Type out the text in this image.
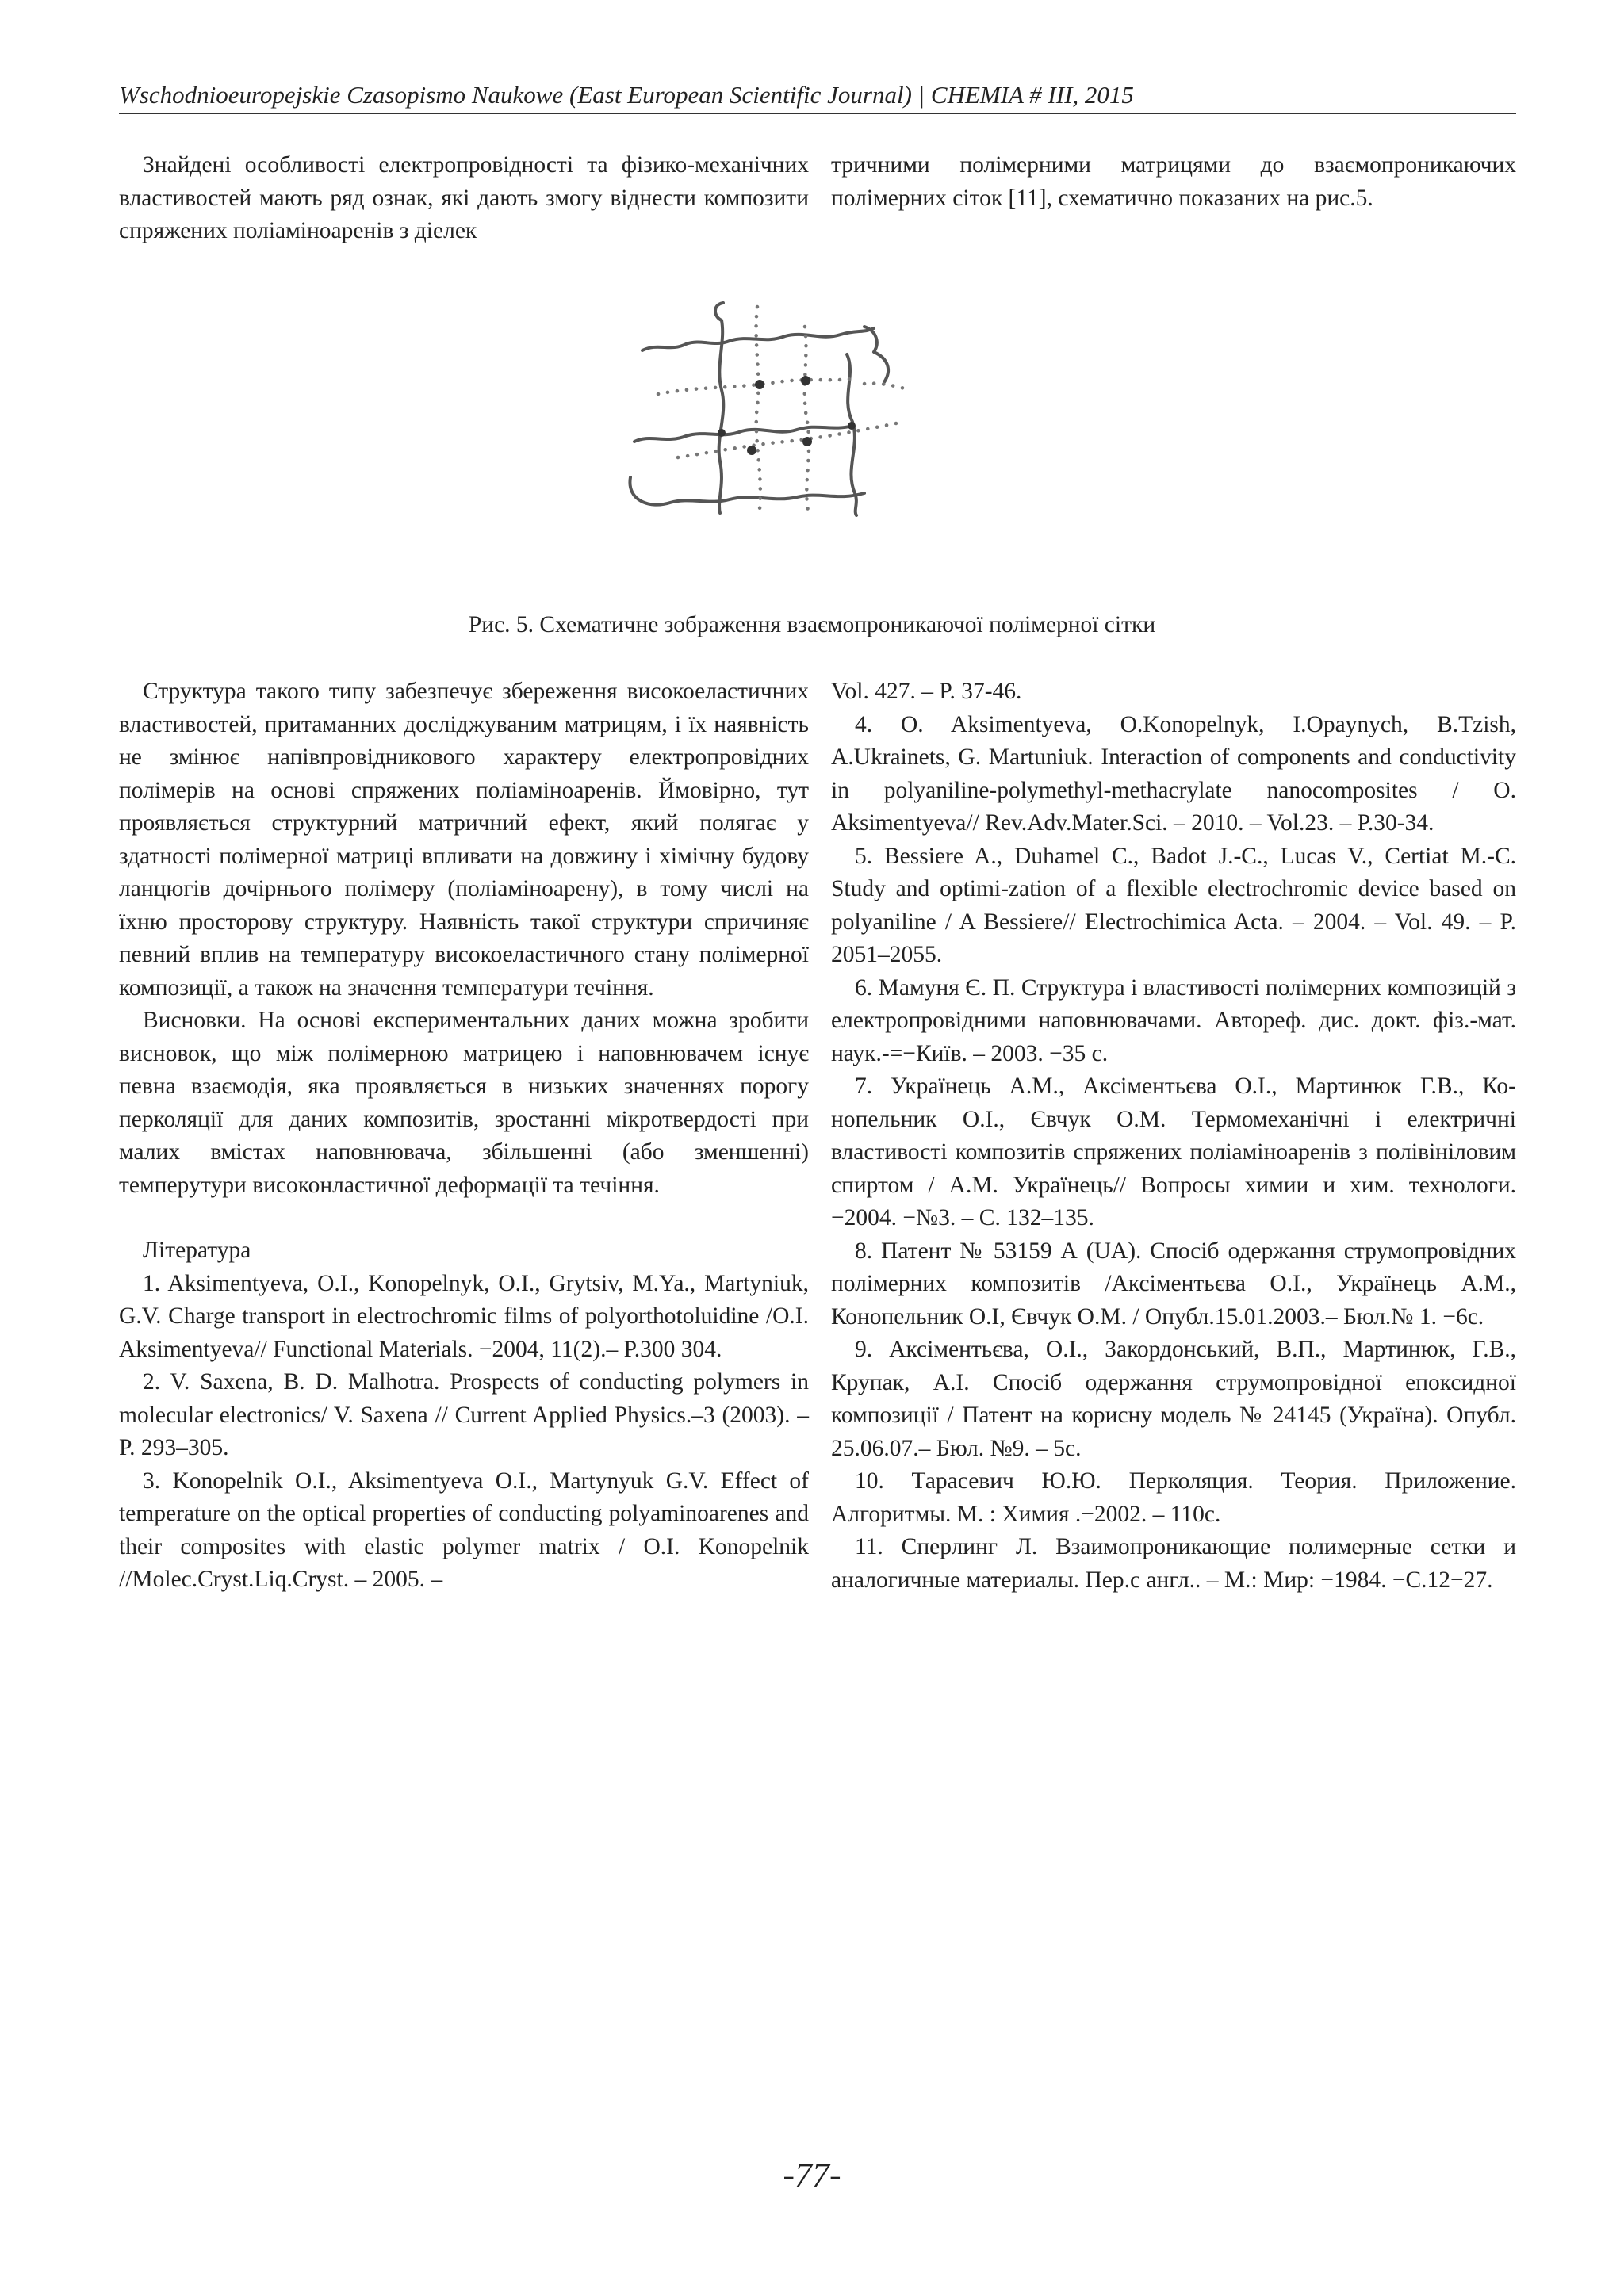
Wschodnioeuropejskie Czasopismo Naukowe (East European Scientific Journal) | CHEMIA # III, 2015

Знайдені особливості електропровідності та фізико-механічних властивостей мають ряд ознак, які дають змогу віднести композити спряжених поліаміноаренів з діелек

тричними полімерними матрицями до взаємопроникаючих полімерних сіток [11], схематично показаних на рис.5.

Рис. 5. Схематичне зображення взаємопроникаючої полімерної сітки

Структура такого типу забезпечує збереження високоеластичних властивостей, притаманних досліджуваним матрицям, і їх наявність не змінює напівпровідникового характеру електропровідних полімерів на основі спряжених поліаміноаренів. Ймовірно, тут проявляється структурний матричний ефект, який полягає у здатності полімерної матриці впливати на довжину і хімічну будову ланцюгів дочірнього полімеру (поліаміноарену), в тому числі на їхню просторову структуру. Наявність такої структури спричиняє певний вплив на температуру високоеластичного стану полімерної композиції, а також на значення температури течіння.

Висновки. На основі експериментальних даних можна зробити висновок, що між полімерною матрицею і наповнювачем існує певна взаємодія, яка проявляється в низьких значеннях порогу перколяції для даних композитів, зростанні мікротвердості при малих вмістах наповнювача, збільшенні (або зменшенні) темпеpутури високонластичної деформації та течіння.

Література

1. Aksimentyeva, O.I., Konopelnyk, O.I., Grytsiv, M.Ya., Martyniuk, G.V. Charge transport in electrochromic films of polyorthotoluidine /O.I. Aksimentyeva// Functional Materials. −2004, 11(2).– P.300 304.

2. V. Saxena, B. D. Malhotra. Prospects of conducting polymers in molecular electronics/ V. Saxena // Current Applied Physics.–3 (2003). – P. 293–305.

3. Konopelnik O.I., Aksimentyeva O.I., Martynyuk G.V. Effect of temperature on the optical properties of conducting polyaminoarenes and their composites with elastic polymer matrix / O.I. Konopelnik //Molec.Cryst.Liq.Cryst. – 2005. –

Vol. 427. – P. 37-46.

4. O. Aksimentyeva, O.Konopelnyk, I.Opaynych, B.Tzish, A.Ukrainets, G. Martuniuk. Interaction of components and conductivity in polyaniline-polymethyl-methacrylate nanocomposites / O. Aksimentyeva// Rev.Adv.Mater.Sci. – 2010. – Vol.23. – P.30-34.

5. Bessiere A., Duhamel C., Badot J.-C., Lucas V., Certiat M.-C. Study and optimi-zation of a flexible electrochromic device based on polyaniline / A Bessiere// Electrochimica Acta. – 2004. – Vol. 49. – P. 2051–2055.

6. Мамуня Є. П. Структура і властивості полімерних композицій з електропровідними наповнювачами. Автореф. дис. докт. фіз.-мат. наук.-=−Київ. – 2003. −35 с.

7. Українець А.М., Аксіментьєва О.І., Мартинюк Г.В., Конопельник О.І., Євчук О.М. Термомеханічні і електричні властивості композитів спряжених поліаміноаренів з полівініловим спиртом / А.М. Українець// Вопросы химии и хим. технологи. −2004. −№3. – С. 132–135.

8. Патент № 53159 А (UA). Спосіб одержання струмопровідних полімерних композитів /Аксіментьєва О.І., Українець А.М., Конопельник О.І, Євчук О.М. / Опубл.15.01.2003.– Бюл.№ 1. −6с.

9. Аксіментьєва, О.І., Закордонський, В.П., Мартинюк, Г.В., Крупак, А.І. Спосіб одержання струмопровідної епоксидної композиції / Патент на корисну модель № 24145 (Україна). Опубл. 25.06.07.– Бюл. №9. – 5с.

10. Тарасевич Ю.Ю. Перколяция. Теория. Приложение. Алгоритмы. М. : Химия .−2002. – 110с.

11. Сперлинг Л. Взаимопроникающие полимерные сетки и аналогичные материалы. Пер.с англ.. – М.: Мир: −1984. −С.12−27.

-77-
